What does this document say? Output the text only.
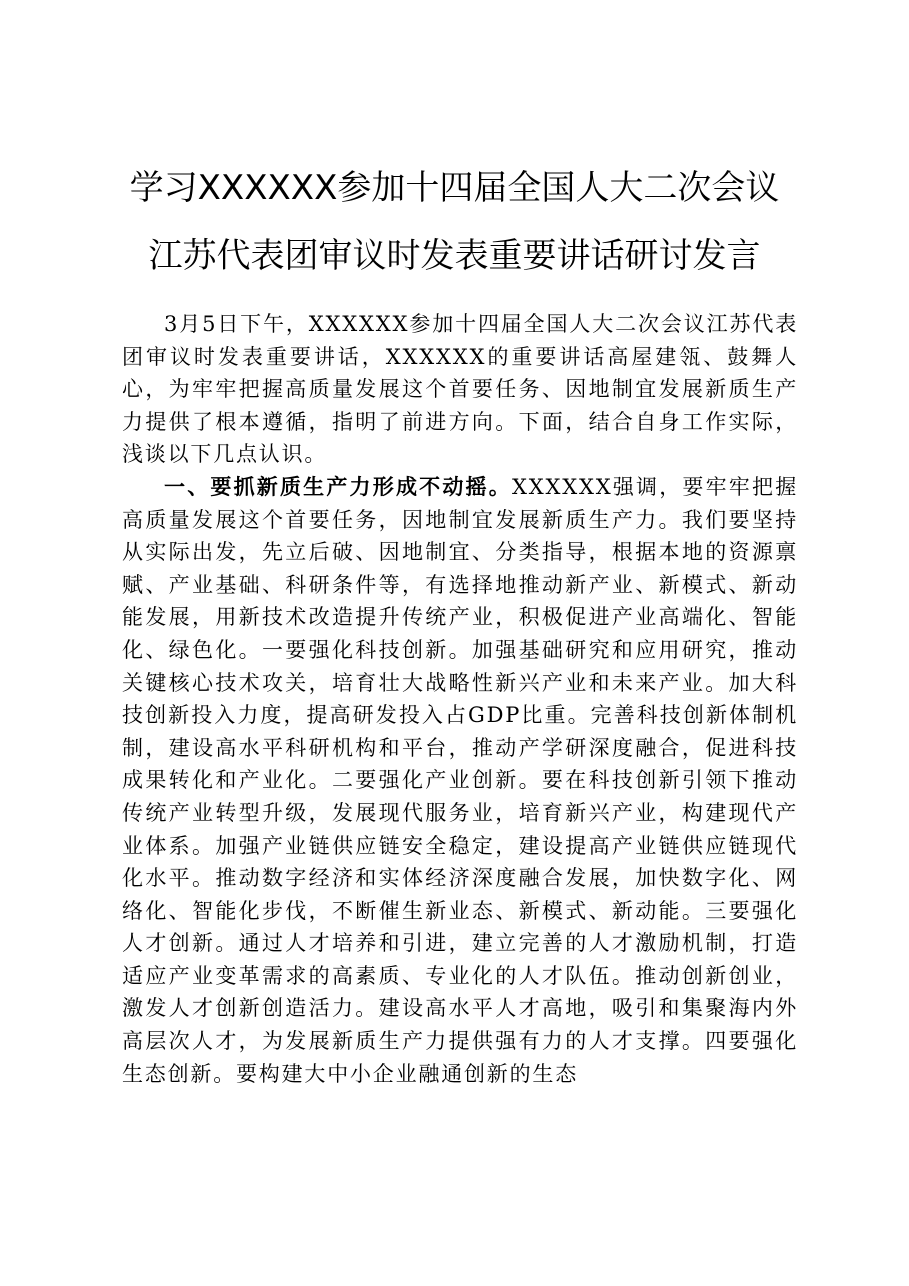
学习XXXXXX参加十四届全国人大二次会议
江苏代表团审议时发表重要讲话研讨发言

3月5日下午，XXXXXX参加十四届全国人大二次会议江苏代表团审议时发表重要讲话，XXXXXX的重要讲话高屋建瓴、鼓舞人心，为牢牢把握高质量发展这个首要任务、因地制宜发展新质生产力提供了根本遵循，指明了前进方向。下面，结合自身工作实际，浅谈以下几点认识。

一、要抓新质生产力形成不动摇。XXXXXX强调，要牢牢把握高质量发展这个首要任务，因地制宜发展新质生产力。我们要坚持从实际出发，先立后破、因地制宜、分类指导，根据本地的资源禀赋、产业基础、科研条件等，有选择地推动新产业、新模式、新动能发展，用新技术改造提升传统产业，积极促进产业高端化、智能化、绿色化。一要强化科技创新。加强基础研究和应用研究，推动关键核心技术攻关，培育壮大战略性新兴产业和未来产业。加大科技创新投入力度，提高研发投入占GDP比重。完善科技创新体制机制，建设高水平科研机构和平台，推动产学研深度融合，促进科技成果转化和产业化。二要强化产业创新。要在科技创新引领下推动传统产业转型升级，发展现代服务业，培育新兴产业，构建现代产业体系。加强产业链供应链安全稳定，建设提高产业链供应链现代化水平。推动数字经济和实体经济深度融合发展，加快数字化、网络化、智能化步伐，不断催生新业态、新模式、新动能。三要强化人才创新。通过人才培养和引进，建立完善的人才激励机制，打造适应产业变革需求的高素质、专业化的人才队伍。推动创新创业，激发人才创新创造活力。建设高水平人才高地，吸引和集聚海内外高层次人才，为发展新质生产力提供强有力的人才支撑。四要强化生态创新。要构建大中小企业融通创新的生态
